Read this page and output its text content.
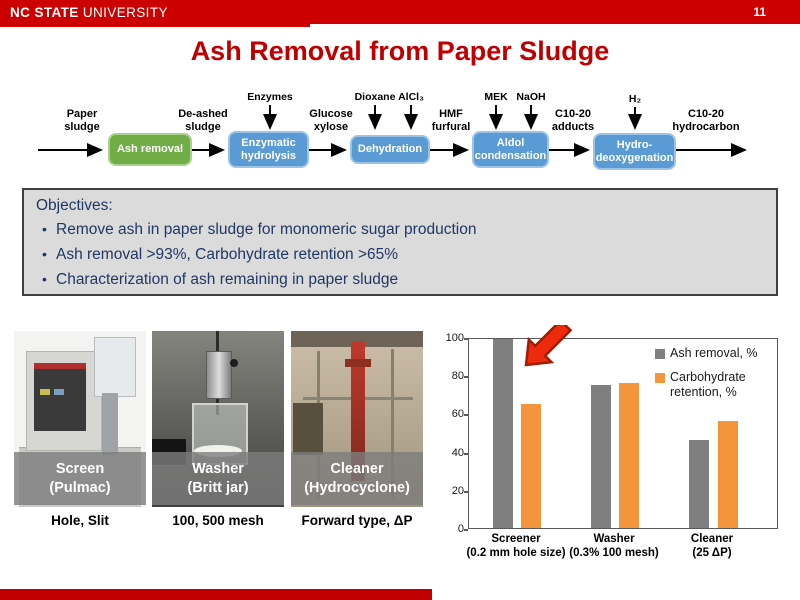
NC STATE UNIVERSITY	11
Ash Removal from Paper Sludge
Paper sludge
De-ashed sludge
Glucose xylose
HMF furfural
C10-20 adducts
C10-20 hydrocarbon
Enzymes	Dioxane AlCl₃	MEK NaOH	H₂
Ash removal
Enzymatic hydrolysis
Dehydration
Aldol condensation
Hydro-deoxygenation
Objectives:
• Remove ash in paper sludge for monomeric sugar production
• Ash removal >93%, Carbohydrate retention >65%
• Characterization of ash remaining in paper sludge
Screen
(Pulmac)
Hole, Slit
Washer
(Britt jar)
100, 500 mesh
Cleaner
(Hydrocyclone)
Forward type, ΔP
100
80
60
40
20
0
Ash removal, %
Carbohydrate
retention, %
Screener
(0.2 mm hole size)
Washer
(0.3% 100 mesh)
Cleaner
(25 ΔP)
